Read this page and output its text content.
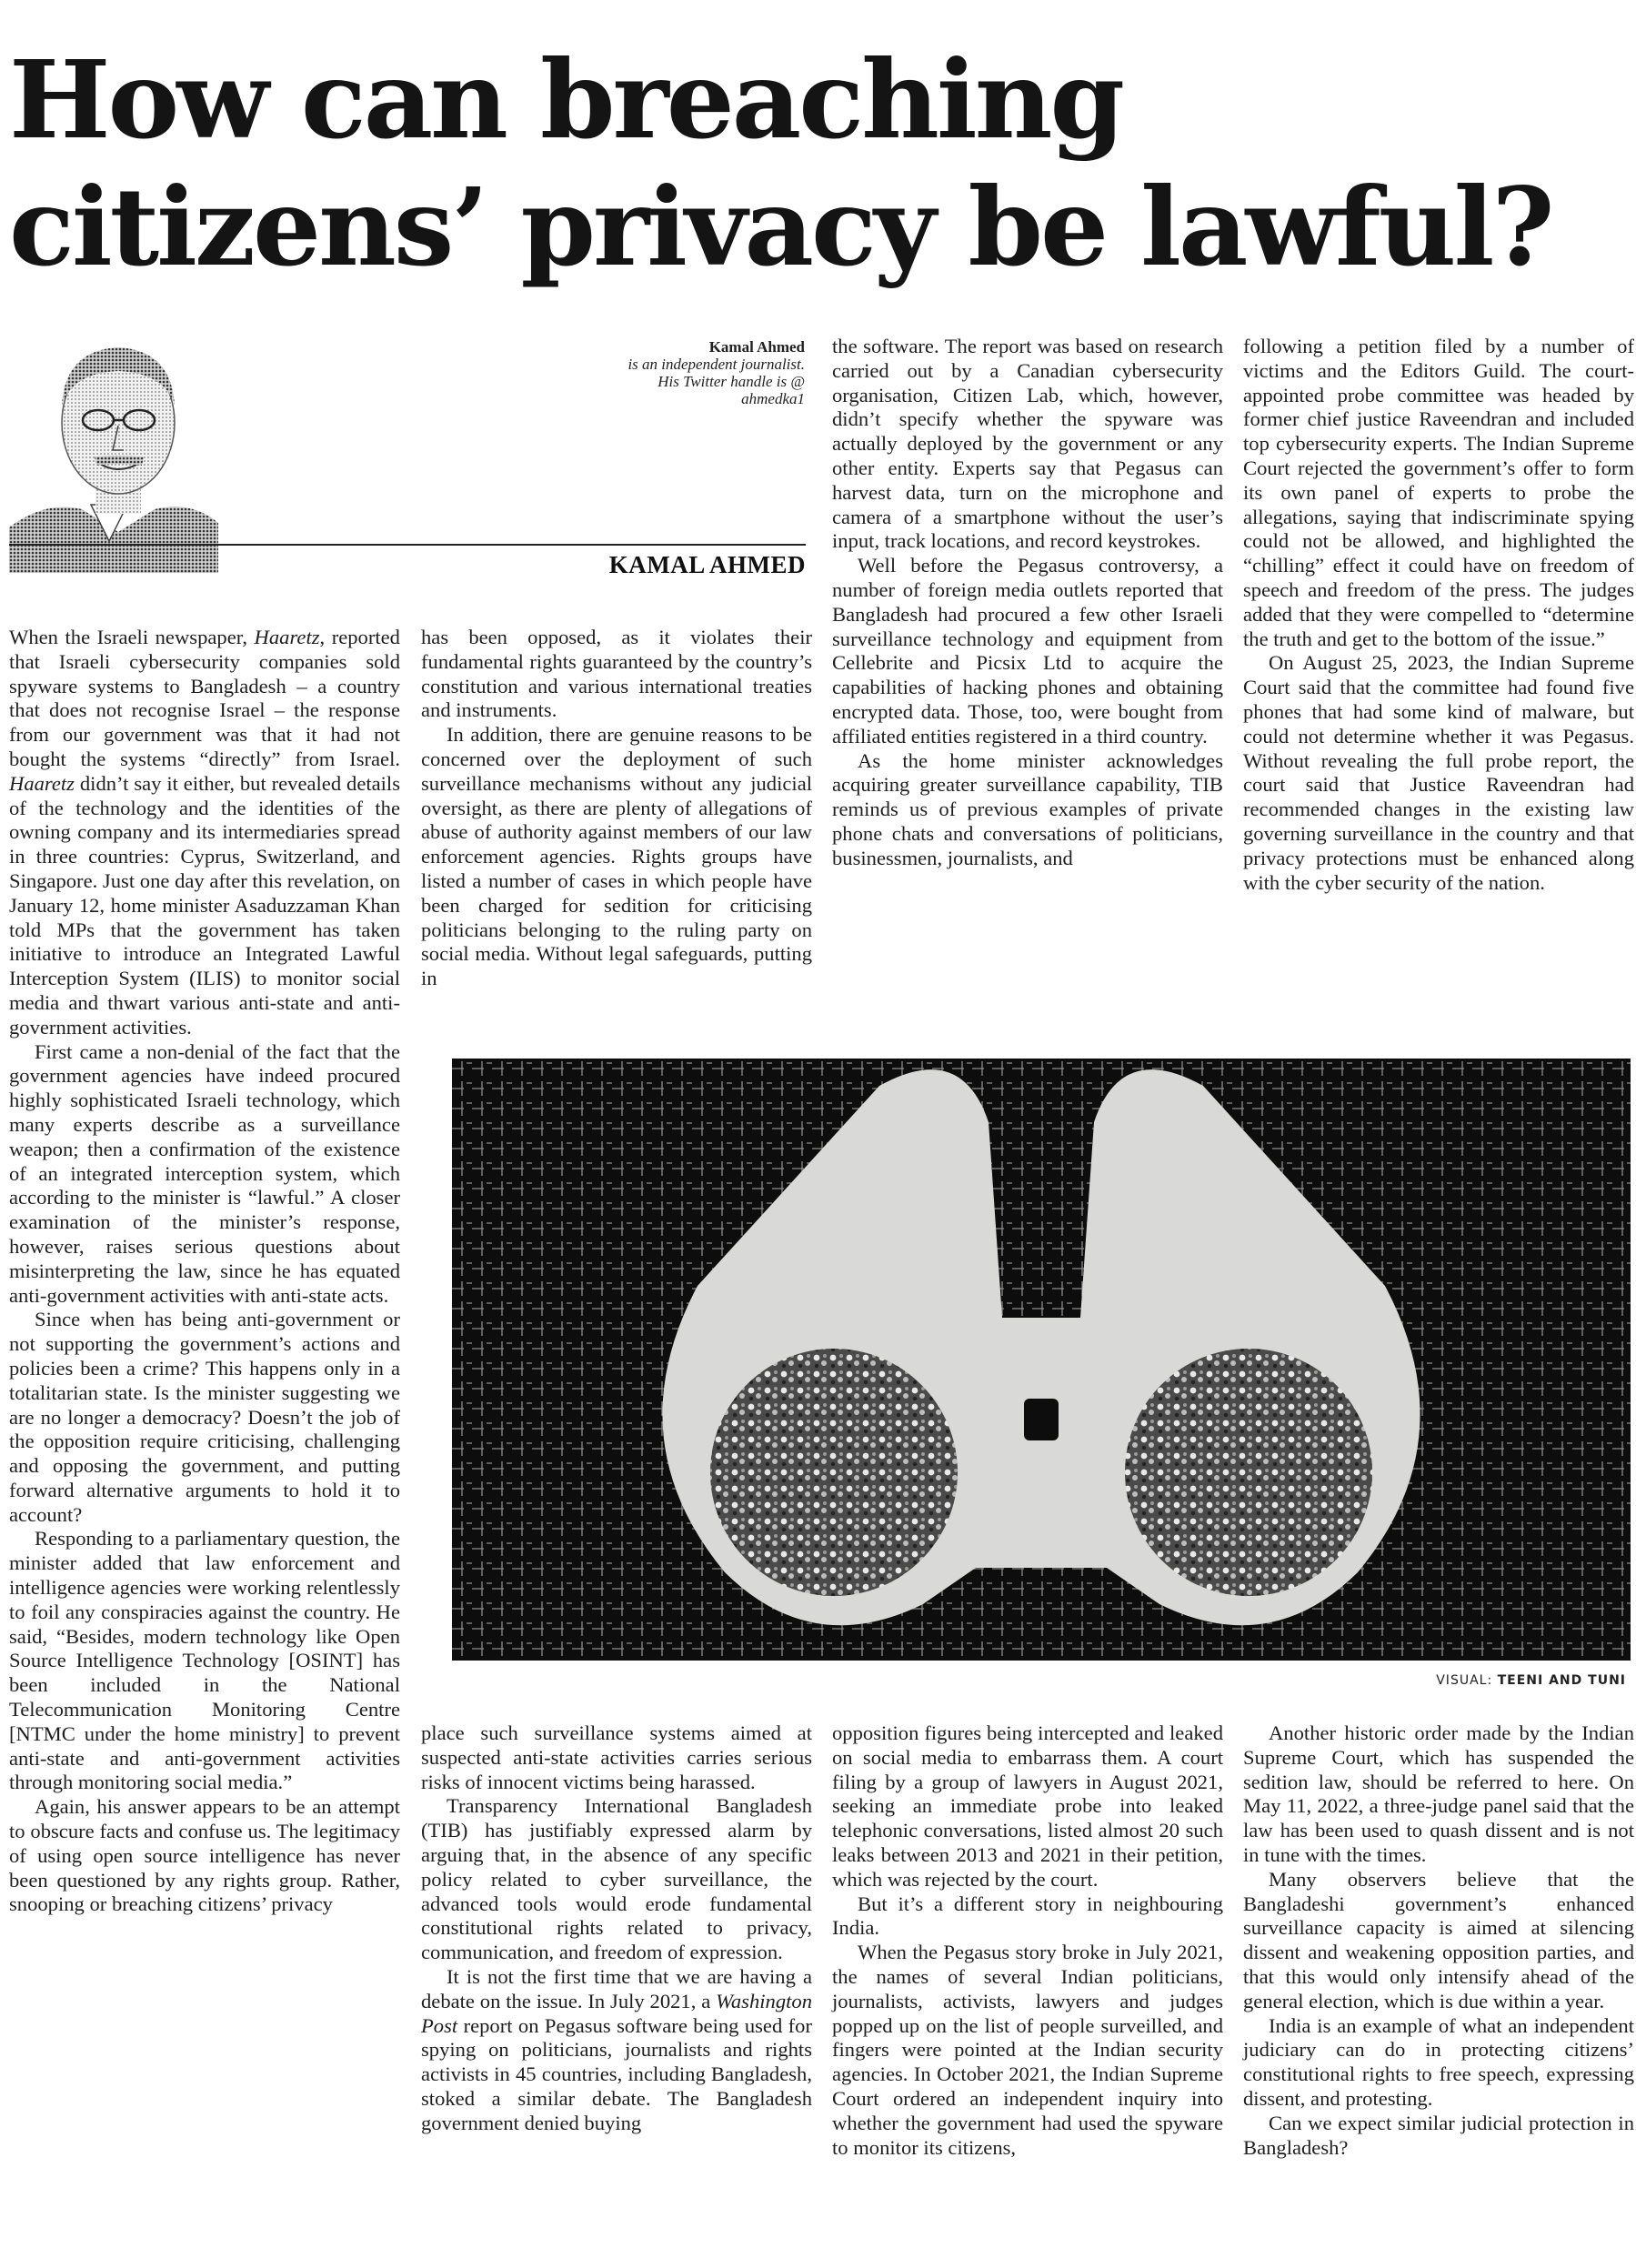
How can breaching
citizens’ privacy be lawful?
Kamal Ahmed
is an independent journalist.
His Twitter handle is @
ahmedka1
KAMAL AHMED

When the Israeli newspaper, Haaretz, reported that Israeli cybersecurity companies sold spyware systems to Bangladesh – a country that does not recognise Israel – the response from our government was that it had not bought the systems “directly” from Israel. Haaretz didn’t say it either, but revealed details of the technology and the identities of the owning company and its intermediaries spread in three countries: Cyprus, Switzerland, and Singapore. Just one day after this revelation, on January 12, home minister Asaduzzaman Khan told MPs that the government has taken initiative to introduce an Integrated Lawful Interception System (ILIS) to monitor social media and thwart various anti-state and anti-government activities.

First came a non-denial of the fact that the government agencies have indeed procured highly sophisticated Israeli technology, which many experts describe as a surveillance weapon; then a confirmation of the existence of an integrated interception system, which according to the minister is “lawful.” A closer examination of the minister’s response, however, raises serious questions about misinterpreting the law, since he has equated anti-government activities with anti-state acts.

Since when has being anti-government or not supporting the government’s actions and policies been a crime? This happens only in a totalitarian state. Is the minister suggesting we are no longer a democracy? Doesn’t the job of the opposition require criticising, challenging and opposing the government, and putting forward alternative arguments to hold it to account?

Responding to a parliamentary question, the minister added that law enforcement and intelligence agencies were working relentlessly to foil any conspiracies against the country. He said, “Besides, modern technology like Open Source Intelligence Technology [OSINT] has been included in the National Telecommunication Monitoring Centre [NTMC under the home ministry] to prevent anti-state and anti-government activities through monitoring social media.”

Again, his answer appears to be an attempt to obscure facts and confuse us. The legitimacy of using open source intelligence has never been questioned by any rights group. Rather, snooping or breaching citizens’ privacy

has been opposed, as it violates their fundamental rights guaranteed by the country’s constitution and various international treaties and instruments.

In addition, there are genuine reasons to be concerned over the deployment of such surveillance mechanisms without any judicial oversight, as there are plenty of allegations of abuse of authority against members of our law enforcement agencies. Rights groups have listed a number of cases in which people have been charged for sedition for criticising politicians belonging to the ruling party on social media. Without legal safeguards, putting in

the software. The report was based on research carried out by a Canadian cybersecurity organisation, Citizen Lab, which, however, didn’t specify whether the spyware was actually deployed by the government or any other entity. Experts say that Pegasus can harvest data, turn on the microphone and camera of a smartphone without the user’s input, track locations, and record keystrokes.

Well before the Pegasus controversy, a number of foreign media outlets reported that Bangladesh had procured a few other Israeli surveillance technology and equipment from Cellebrite and Picsix Ltd to acquire the capabilities of hacking phones and obtaining encrypted data. Those, too, were bought from affiliated entities registered in a third country.

As the home minister acknowledges acquiring greater surveillance capability, TIB reminds us of previous examples of private phone chats and conversations of politicians, businessmen, journalists, and

following a petition filed by a number of victims and the Editors Guild. The court-appointed probe committee was headed by former chief justice Raveendran and included top cybersecurity experts. The Indian Supreme Court rejected the government’s offer to form its own panel of experts to probe the allegations, saying that indiscriminate spying could not be allowed, and highlighted the “chilling” effect it could have on freedom of speech and freedom of the press. The judges added that they were compelled to “determine the truth and get to the bottom of the issue.”

On August 25, 2023, the Indian Supreme Court said that the committee had found five phones that had some kind of malware, but could not determine whether it was Pegasus. Without revealing the full probe report, the court said that Justice Raveendran had recommended changes in the existing law governing surveillance in the country and that privacy protections must be enhanced along with the cyber security of the nation.

VISUAL: TEENI AND TUNI

place such surveillance systems aimed at suspected anti-state activities carries serious risks of innocent victims being harassed.

Transparency International Bangladesh (TIB) has justifiably expressed alarm by arguing that, in the absence of any specific policy related to cyber surveillance, the advanced tools would erode fundamental constitutional rights related to privacy, communication, and freedom of expression.

It is not the first time that we are having a debate on the issue. In July 2021, a Washington Post report on Pegasus software being used for spying on politicians, journalists and rights activists in 45 countries, including Bangladesh, stoked a similar debate. The Bangladesh government denied buying

opposition figures being intercepted and leaked on social media to embarrass them. A court filing by a group of lawyers in August 2021, seeking an immediate probe into leaked telephonic conversations, listed almost 20 such leaks between 2013 and 2021 in their petition, which was rejected by the court.

But it’s a different story in neighbouring India.

When the Pegasus story broke in July 2021, the names of several Indian politicians, journalists, activists, lawyers and judges popped up on the list of people surveilled, and fingers were pointed at the Indian security agencies. In October 2021, the Indian Supreme Court ordered an independent inquiry into whether the government had used the spyware to monitor its citizens,

Another historic order made by the Indian Supreme Court, which has suspended the sedition law, should be referred to here. On May 11, 2022, a three-judge panel said that the law has been used to quash dissent and is not in tune with the times.

Many observers believe that the Bangladeshi government’s enhanced surveillance capacity is aimed at silencing dissent and weakening opposition parties, and that this would only intensify ahead of the general election, which is due within a year.

India is an example of what an independent judiciary can do in protecting citizens’ constitutional rights to free speech, expressing dissent, and protesting.

Can we expect similar judicial protection in Bangladesh?
